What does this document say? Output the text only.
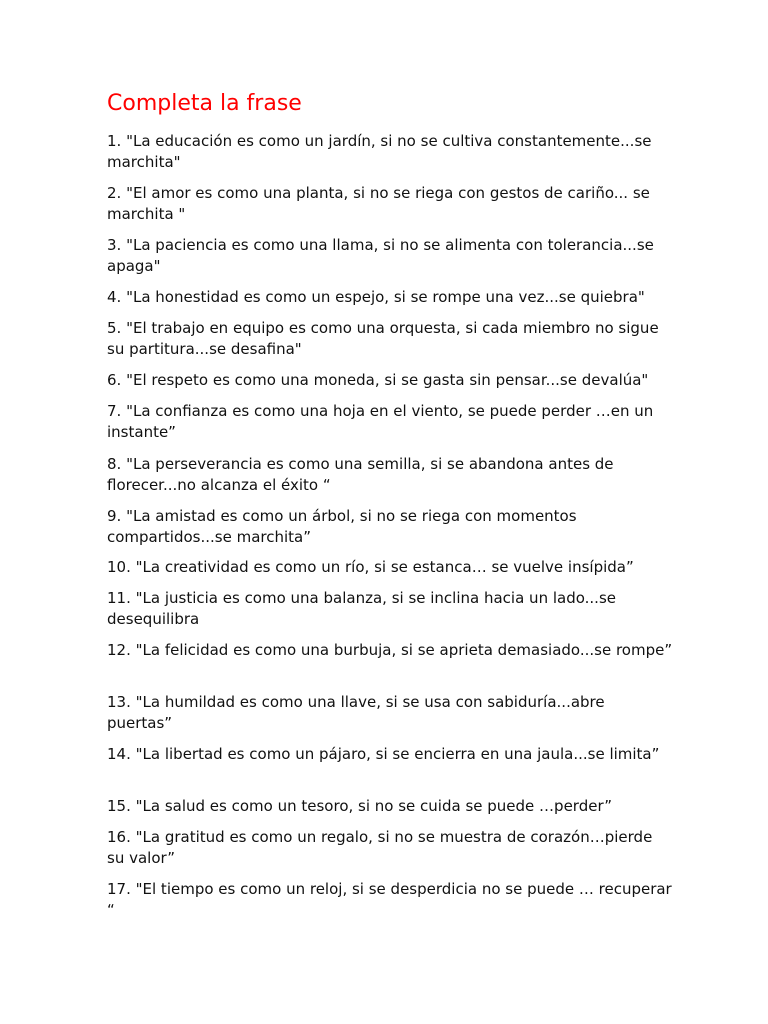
Completa la frase
1. "La educación es como un jardín, si no se cultiva constantemente...se marchita"
2. "El amor es como una planta, si no se riega con gestos de cariño... se marchita "
3. "La paciencia es como una llama, si no se alimenta con tolerancia...se apaga"
4. "La honestidad es como un espejo, si se rompe una vez...se quiebra"
5. "El trabajo en equipo es como una orquesta, si cada miembro no sigue su partitura...se desafina"
6. "El respeto es como una moneda, si se gasta sin pensar...se devalúa"
7. "La confianza es como una hoja en el viento, se puede perder …en un instante”
8. "La perseverancia es como una semilla, si se abandona antes de florecer...no alcanza el éxito “
9. "La amistad es como un árbol, si no se riega con momentos compartidos...se marchita”
10. "La creatividad es como un río, si se estanca… se vuelve insípida”
11. "La justicia es como una balanza, si se inclina hacia un lado...se desequilibra
12. "La felicidad es como una burbuja, si se aprieta demasiado...se rompe”
13. "La humildad es como una llave, si se usa con sabiduría...abre puertas”
14. "La libertad es como un pájaro, si se encierra en una jaula...se limita”
15. "La salud es como un tesoro, si no se cuida se puede …perder”
16. "La gratitud es como un regalo, si no se muestra de corazón…pierde su valor”
17. "El tiempo es como un reloj, si se desperdicia no se puede … recuperar “
